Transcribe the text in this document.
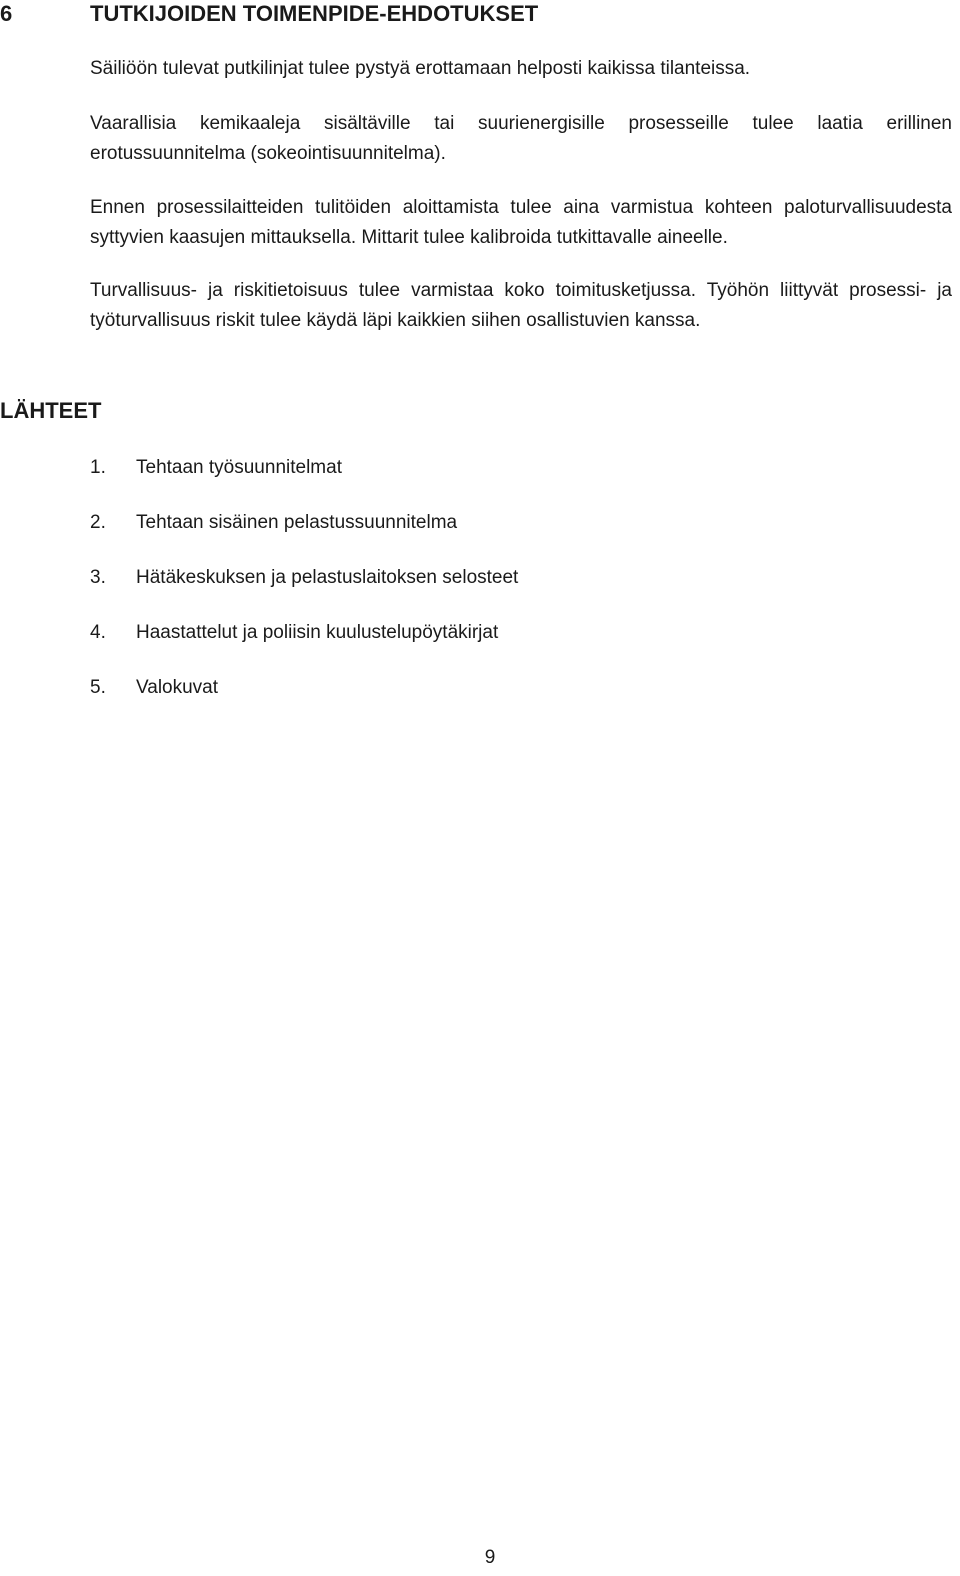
6	TUTKIJOIDEN TOIMENPIDE-EHDOTUKSET

Säiliöön tulevat putkilinjat tulee pystyä erottamaan helposti kaikissa tilanteissa.

Vaarallisia kemikaaleja sisältäville tai suurienergisille prosesseille tulee laatia erillinen erotussuunnitelma (sokeointisuunnitelma).

Ennen prosessilaitteiden tulitöiden aloittamista tulee aina varmistua kohteen paloturvallisuudesta syttyvien kaasujen mittauksella. Mittarit tulee kalibroida tutkittavalle aineelle.

Turvallisuus- ja riskitietoisuus tulee varmistaa koko toimitusketjussa. Työhön liittyvät prosessi- ja työturvallisuus riskit tulee käydä läpi kaikkien siihen osallistuvien kanssa.

LÄHTEET
1. Tehtaan työsuunnitelmat
2. Tehtaan sisäinen pelastussuunnitelma
3. Hätäkeskuksen ja pelastuslaitoksen selosteet
4. Haastattelut ja poliisin kuulustelupöytäkirjat
5. Valokuvat
9
